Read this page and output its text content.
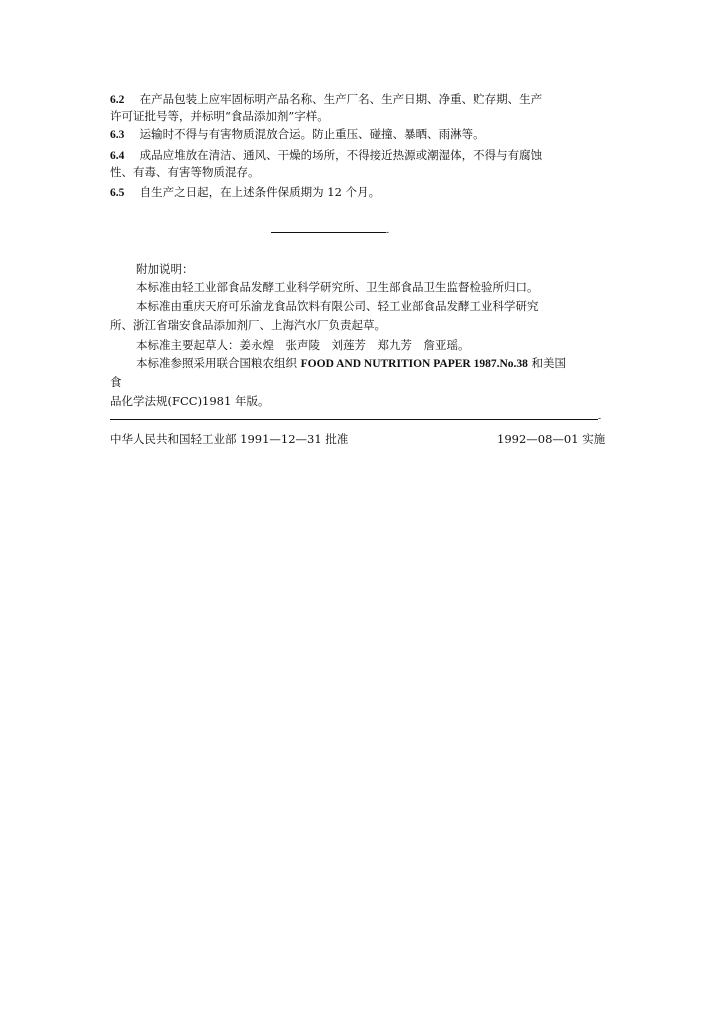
6.2 在产品包装上应牢固标明产品名称、生产厂名、生产日期、净重、贮存期、生产
许可证批号等，并标明“食品添加剂”字样。
6.3 运输时不得与有害物质混放合运。防止重压、碰撞、暴晒、雨淋等。
6.4 成品应堆放在清洁、通风、干燥的场所，不得接近热源或潮湿体，不得与有腐蚀
性、有毒、有害等物质混存。
6.5 自生产之日起，在上述条件保质期为 12 个月。
-
附加说明：
本标准由轻工业部食品发酵工业科学研究所、卫生部食品卫生监督检验所归口。
本标准由重庆天府可乐渝龙食品饮料有限公司、轻工业部食品发酵工业科学研究
所、浙江省瑞安食品添加剂厂、上海汽水厂负责起草。
本标准主要起草人：姜永煌　张声陵　刘莲芳　郑九芳　詹亚瑶。
本标准参照采用联合国粮农组织 FOOD AND NUTRITION PAPER 1987.No.38 和美国
食
品化学法规(FCC)1981 年版。
-
中华人民共和国轻工业部 1991—12—31 批准	1992—08—01 实施
